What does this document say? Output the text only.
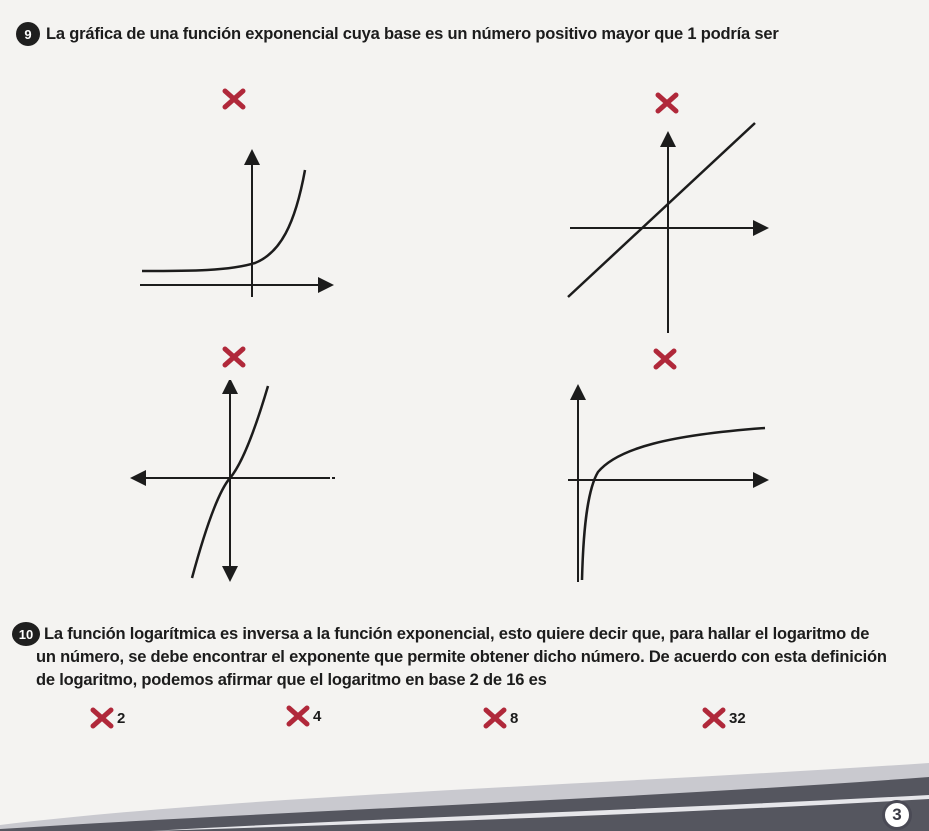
9 La gráfica de una función exponencial cuya base es un número positivo mayor que 1 podría ser
10 La función logarítmica es inversa a la función exponencial, esto quiere decir que, para hallar el logaritmo de
un número, se debe encontrar el exponente que permite obtener dicho número. De acuerdo con esta definición
de logaritmo, podemos afirmar que el logaritmo en base 2 de 16 es
2	4	8	32
3
